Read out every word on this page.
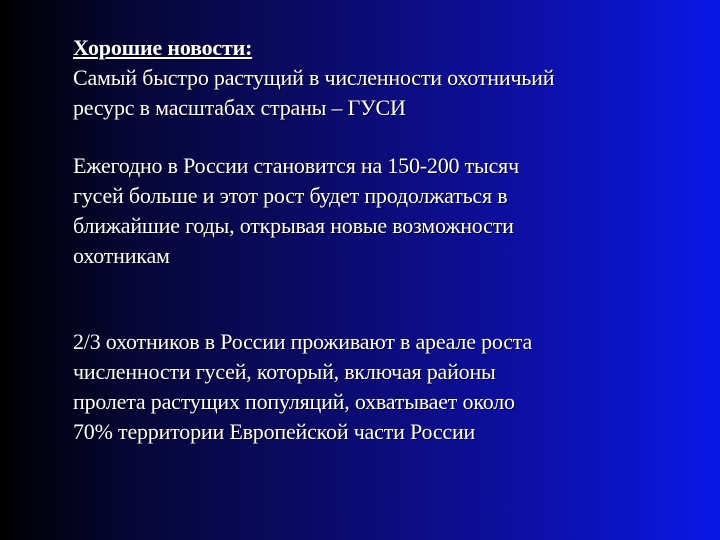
Хорошие новости:
Самый быстро растущий в численности охотничьий
ресурс в масштабах страны – ГУСИ
Ежегодно в России становится на 150-200 тысяч
гусей больше и этот рост будет продолжаться в
ближайшие годы, открывая новые возможности
охотникам
2/3 охотников в России проживают в ареале роста
численности гусей, который, включая районы
пролета растущих популяций, охватывает около
70% территории Европейской части России
